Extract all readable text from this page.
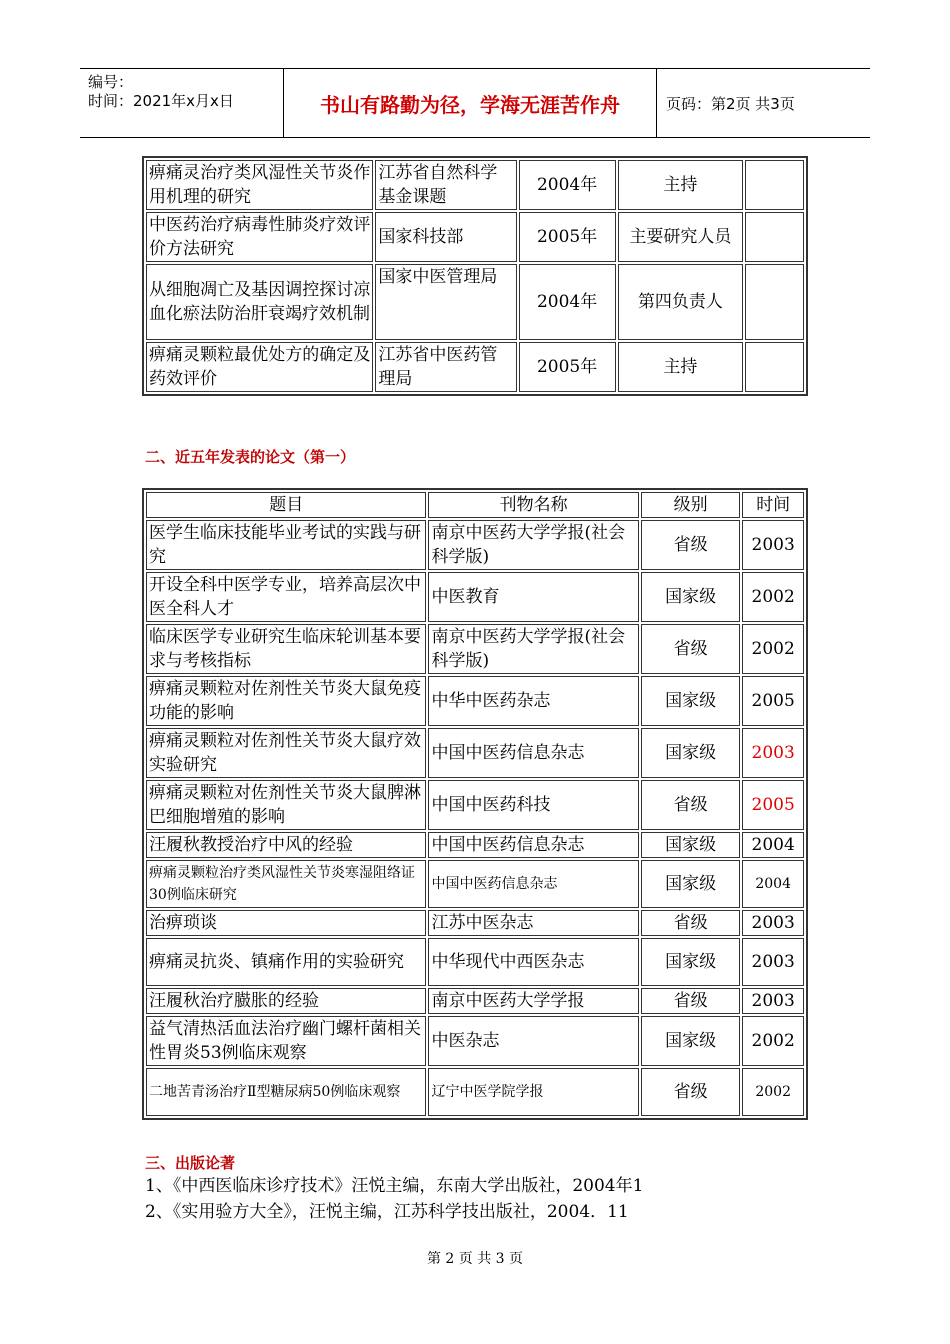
编号：
时间：2021年x月x日	书山有路勤为径，学海无涯苦作舟	页码：第2页 共3页
痹痛灵治疗类风湿性关节炎作用机理的研究	江苏省自然科学基金课题	2004年	主持	
中医药治疗病毒性肺炎疗效评价方法研究	国家科技部	2005年	主要研究人员	
从细胞凋亡及基因调控探讨凉血化瘀法防治肝衰竭疗效机制	国家中医管理局	2004年	第四负责人	
痹痛灵颗粒最优处方的确定及药效评价	江苏省中医药管理局	2005年	主持	
二、近五年发表的论文（第一）
题目	刊物名称	级别	时间
医学生临床技能毕业考试的实践与研究	南京中医药大学学报(社会科学版)	省级	2003
开设全科中医学专业，培养高层次中医全科人才	中医教育	国家级	2002
临床医学专业研究生临床轮训基本要求与考核指标	南京中医药大学学报(社会科学版)	省级	2002
痹痛灵颗粒对佐剂性关节炎大鼠免疫功能的影响	中华中医药杂志	国家级	2005
痹痛灵颗粒对佐剂性关节炎大鼠疗效实验研究	中国中医药信息杂志	国家级	2003
痹痛灵颗粒对佐剂性关节炎大鼠脾淋巴细胞增殖的影响	中国中医药科技	省级	2005
汪履秋教授治疗中风的经验	中国中医药信息杂志	国家级	2004
痹痛灵颗粒治疗类风湿性关节炎寒湿阻络证30例临床研究	中国中医药信息杂志	国家级	2004
治痹琐谈	江苏中医杂志	省级	2003
痹痛灵抗炎、镇痛作用的实验研究	中华现代中西医杂志	国家级	2003
汪履秋治疗臌胀的经验	南京中医药大学学报	省级	2003
益气清热活血法治疗幽门螺杆菌相关性胃炎53例临床观察	中医杂志	国家级	2002
二地苦青汤治疗Ⅱ型糖尿病50例临床观察	辽宁中医学院学报	省级	2002
三、出版论著
1、《中西医临床诊疗技术》汪悦主编，东南大学出版社，2004年1
2、《实用验方大全》，汪悦主编，江苏科学技出版社，2004．11
第 2 页 共 3 页
